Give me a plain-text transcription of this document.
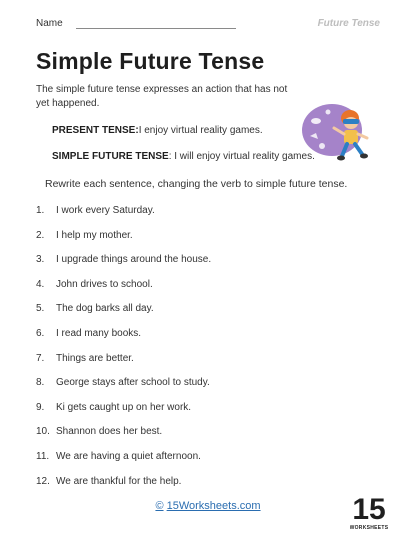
Name	Future Tense
Simple Future Tense

The simple future tense expresses an action that has not yet happened.

PRESENT TENSE:I enjoy virtual reality games.

SIMPLE FUTURE TENSE: I will enjoy virtual reality games.

Rewrite each sentence, changing the verb to simple future tense.

1.	I work every Saturday.
2.	I help my mother.
3.	I upgrade things around the house.
4.	John drives to school.
5.	The dog barks all day.
6.	I read many books.
7.	Things are better.
8.	George stays after school to study.
9.	Ki gets caught up on her work.
10. Shannon does her best.
11. We are having a quiet afternoon.
12. We are thankful for the help.
© 15Worksheets.com	15
WORKSHEETS
